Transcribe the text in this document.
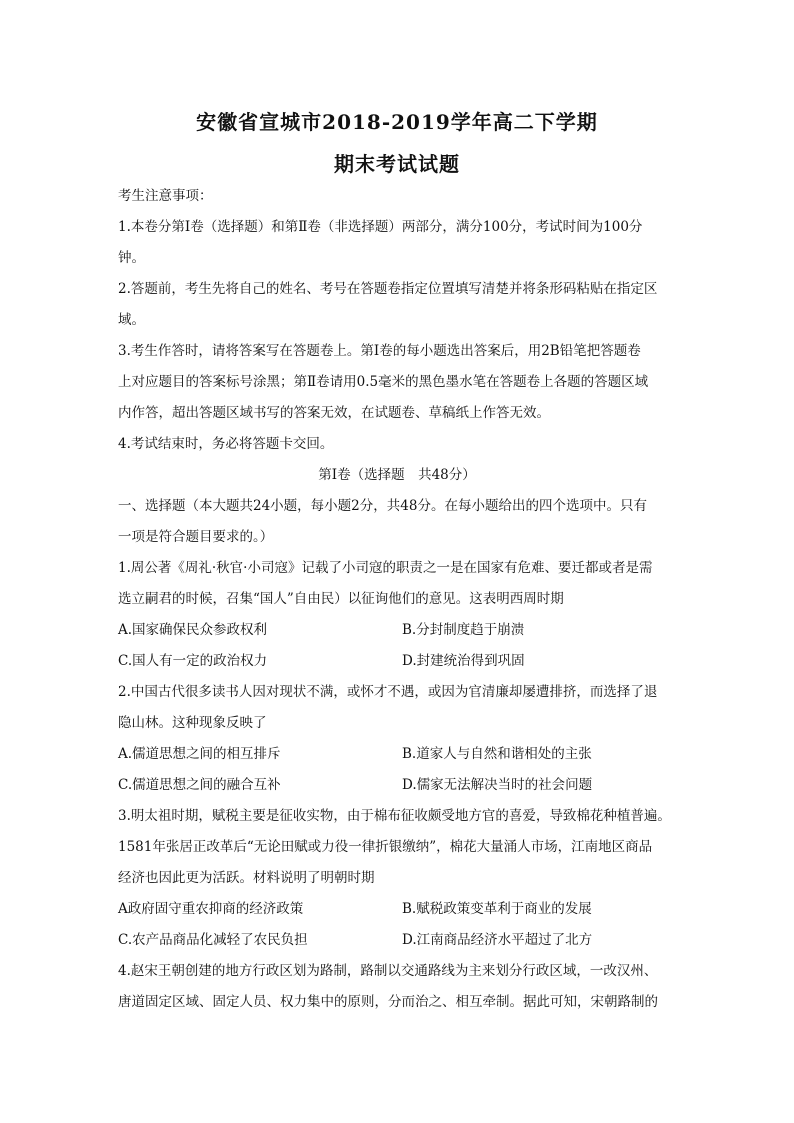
安徽省宣城市2018-2019学年高二下学期
期末考试试题
考生注意事项：
1.本卷分第Ⅰ卷（选择题）和第Ⅱ卷（非选择题）两部分，满分100分，考试时间为100分
钟。
2.答题前，考生先将自己的姓名、考号在答题卷指定位置填写清楚并将条形码粘贴在指定区
域。
3.考生作答时，请将答案写在答题卷上。第Ⅰ卷的每小题选出答案后，用2B铅笔把答题卷
上对应题目的答案标号涂黑；第Ⅱ卷请用0.5毫米的黑色墨水笔在答题卷上各题的答题区域
内作答，超出答题区域书写的答案无效，在试题卷、草稿纸上作答无效。
4.考试结束时，务必将答题卡交回。
第Ⅰ卷（选择题　共48分）
一、选择题（本大题共24小题，每小题2分，共48分。在每小题给出的四个选项中。只有
一项是符合题目要求的。）
1.周公著《周礼·秋官·小司寇》记载了小司寇的职责之一是在国家有危难、要迁都或者是需
选立嗣君的时候，召集“国人”自由民）以征询他们的意见。这表明西周时期
A.国家确保民众参政权利	B.分封制度趋于崩溃
C.国人有一定的政治权力	D.封建统治得到巩固
2.中国古代很多读书人因对现状不满，或怀才不遇，或因为官清廉却屡遭排挤，而选择了退
隐山林。这种现象反映了
A.儒道思想之间的相互排斥	B.道家人与自然和谐相处的主张
C.儒道思想之间的融合互补	D.儒家无法解决当时的社会问题
3.明太祖时期，赋税主要是征收实物，由于棉布征收颇受地方官的喜爱，导致棉花种植普遍。
1581年张居正改革后“无论田赋或力役一律折银缴纳”，棉花大量涌人市场，江南地区商品
经济也因此更为活跃。材料说明了明朝时期
A政府固守重农抑商的经济政策	B.赋税政策变革利于商业的发展
C.农产品商品化减轻了农民负担	D.江南商品经济水平超过了北方
4.赵宋王朝创建的地方行政区划为路制，路制以交通路线为主来划分行政区域，一改汉州、
唐道固定区域、固定人员、权力集中的原则，分而治之、相互牵制。据此可知，宋朝路制的
